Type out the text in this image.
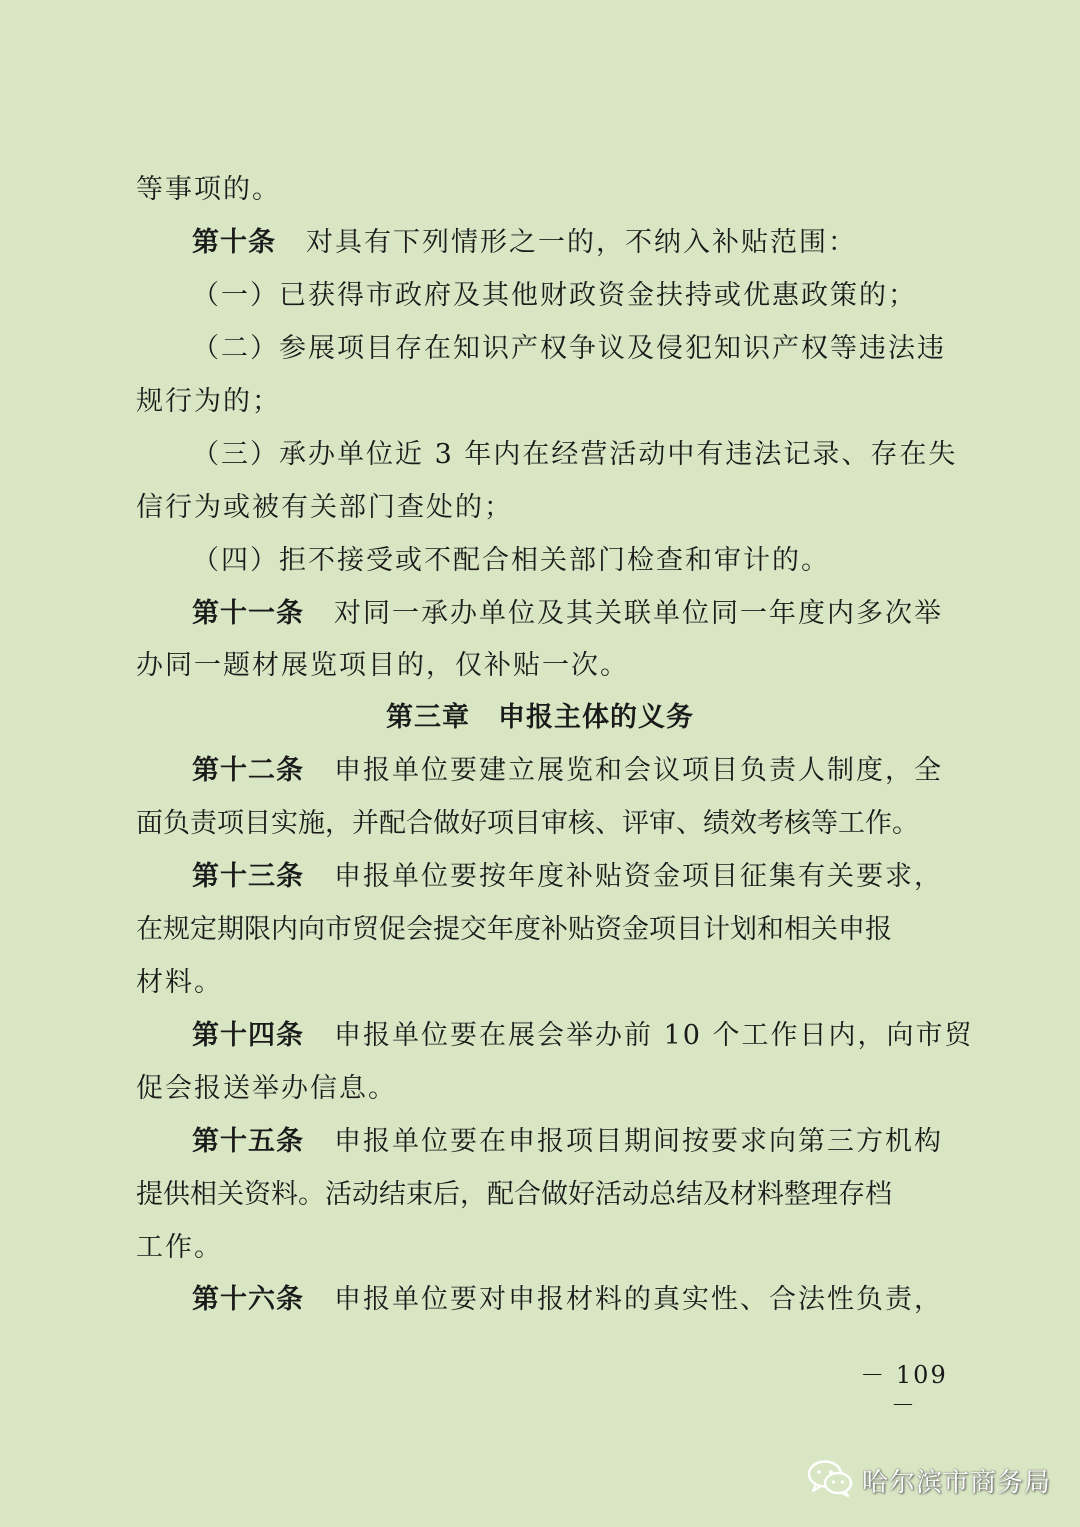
等事项的。
第十条 对具有下列情形之一的，不纳入补贴范围：
（一）已获得市政府及其他财政资金扶持或优惠政策的；
（二）参展项目存在知识产权争议及侵犯知识产权等违法违
规行为的；
（三）承办单位近 3 年内在经营活动中有违法记录、存在失
信行为或被有关部门查处的；
（四）拒不接受或不配合相关部门检查和审计的。
第十一条 对同一承办单位及其关联单位同一年度内多次举
办同一题材展览项目的，仅补贴一次。
第三章 申报主体的义务
第十二条 申报单位要建立展览和会议项目负责人制度，全
面负责项目实施，并配合做好项目审核、评审、绩效考核等工作。
第十三条 申报单位要按年度补贴资金项目征集有关要求，
在规定期限内向市贸促会提交年度补贴资金项目计划和相关申报
材料。
第十四条 申报单位要在展会举办前 10 个工作日内，向市贸
促会报送举办信息。
第十五条 申报单位要在申报项目期间按要求向第三方机构
提供相关资料。活动结束后，配合做好活动总结及材料整理存档
工作。
第十六条 申报单位要对申报材料的真实性、合法性负责，
－ 109 －
哈尔滨市商务局
